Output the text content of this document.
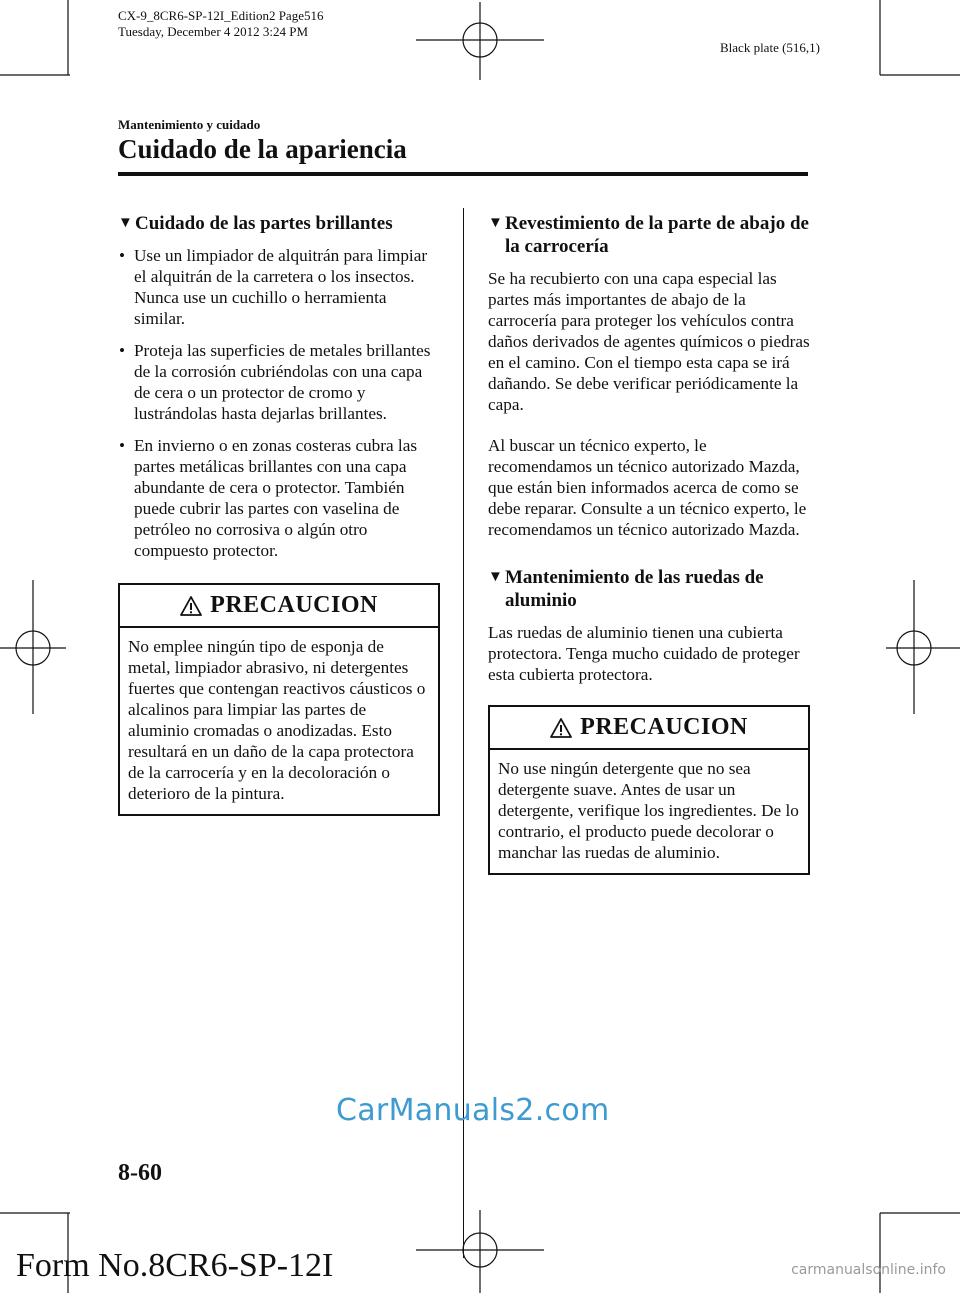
CX-9_8CR6-SP-12I_Edition2 Page516
Tuesday, December 4 2012 3:24 PM
Black plate (516,1)
Mantenimiento y cuidado
Cuidado de la apariencia
▼ Cuidado de las partes brillantes
• Use un limpiador de alquitrán para limpiar el alquitrán de la carretera o los insectos. Nunca use un cuchillo o herramienta similar.
• Proteja las superficies de metales brillantes de la corrosión cubriéndolas con una capa de cera o un protector de cromo y lustrándolas hasta dejarlas brillantes.
• En invierno o en zonas costeras cubra las partes metálicas brillantes con una capa abundante de cera o protector. También puede cubrir las partes con vaselina de petróleo no corrosiva o algún otro compuesto protector.
PRECAUCION
No emplee ningún tipo de esponja de metal, limpiador abrasivo, ni detergentes fuertes que contengan reactivos cáusticos o alcalinos para limpiar las partes de aluminio cromadas o anodizadas. Esto resultará en un daño de la capa protectora de la carrocería y en la decoloración o deterioro de la pintura.
▼ Revestimiento de la parte de abajo de la carrocería

Se ha recubierto con una capa especial las partes más importantes de abajo de la carrocería para proteger los vehículos contra daños derivados de agentes químicos o piedras en el camino. Con el tiempo esta capa se irá dañando. Se debe verificar periódicamente la capa.

Al buscar un técnico experto, le recomendamos un técnico autorizado Mazda, que están bien informados acerca de como se debe reparar. Consulte a un técnico experto, le recomendamos un técnico autorizado Mazda.

▼ Mantenimiento de las ruedas de aluminio

Las ruedas de aluminio tienen una cubierta protectora. Tenga mucho cuidado de proteger esta cubierta protectora.

PRECAUCION
No use ningún detergente que no sea detergente suave. Antes de usar un detergente, verifique los ingredientes. De lo contrario, el producto puede decolorar o manchar las ruedas de aluminio.
CarManuals2.com
8-60
Form No.8CR6-SP-12I	carmanualsonline.info
